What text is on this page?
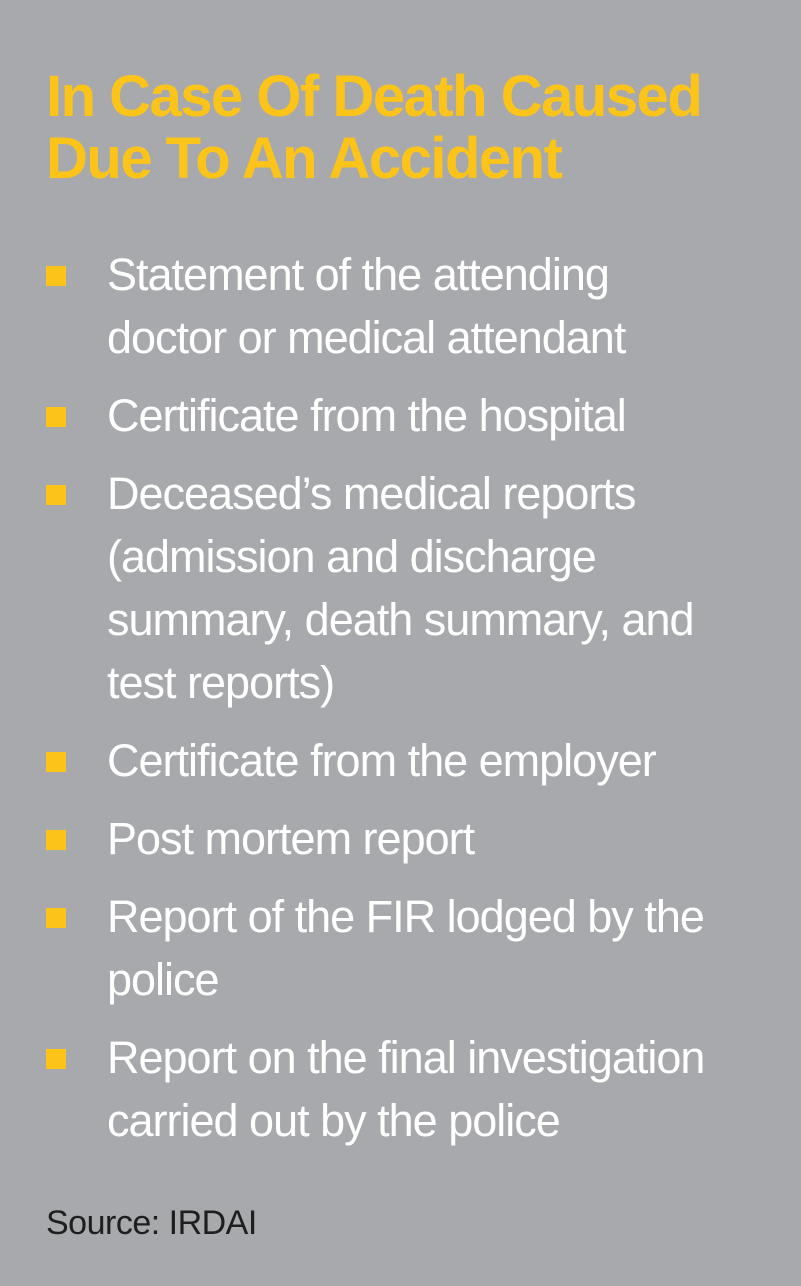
In Case Of Death Caused
Due To An Accident
Statement of the attending
doctor or medical attendant
Certificate from the hospital
Deceased’s medical reports
(admission and discharge
summary, death summary, and
test reports)
Certificate from the employer
Post mortem report
Report of the FIR lodged by the
police
Report on the final investigation
carried out by the police
Source: IRDAI
